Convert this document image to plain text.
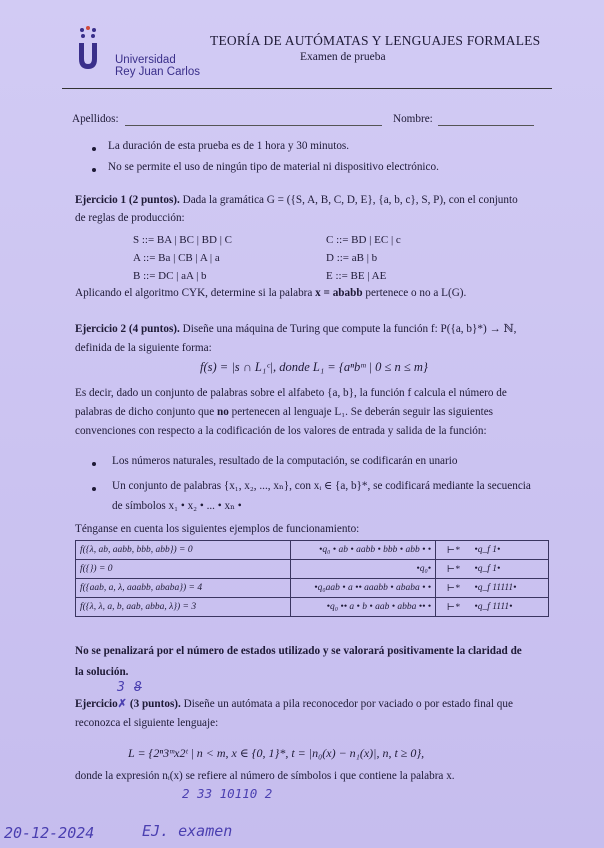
Universidad
Rey Juan Carlos
TEORÍA DE AUTÓMATAS Y LENGUAJES FORMALES
Examen de prueba
Apellidos:	Nombre:
La duración de esta prueba es de 1 hora y 30 minutos.
No se permite el uso de ningún tipo de material ni dispositivo electrónico.
Ejercicio 1 (2 puntos). Dada la gramática G = ({S, A, B, C, D, E}, {a, b, c}, S, P), con el conjunto
de reglas de producción:
S ::= BA | BC | BD | C
A ::= Ba | CB | A | a
B ::= DC | aA | b
C ::= BD | EC | c
D ::= aB | b
E ::= BE | AE
Aplicando el algoritmo CYK, determine si la palabra x = ababb pertenece o no a L(G).
Ejercicio 2 (4 puntos). Diseñe una máquina de Turing que compute la función f: P({a, b}*) → ℕ,
definida de la siguiente forma:
f(s) = |s ∩ L₁ᶜ|, donde L₁ = {aⁿbᵐ | 0 ≤ n ≤ m}
Es decir, dado un conjunto de palabras sobre el alfabeto {a, b}, la función f calcula el número de
palabras de dicho conjunto que no pertenecen al lenguaje L₁. Se deberán seguir las siguientes
convenciones con respecto a la codificación de los valores de entrada y salida de la función:
Los números naturales, resultado de la computación, se codificarán en unario
Un conjunto de palabras {x₁, x₂, ..., xₙ}, con xᵢ ∈ {a, b}*, se codificará mediante la secuencia
de símbolos x₁ • x₂ • ... • xₙ •
Ténganse en cuenta los siguientes ejemplos de funcionamiento:
f({λ, ab, aabb, bbb, abb}) = 0	•q₀ • ab • aabb • bbb • abb • •	⊢*	•q_f 1•
f({}) = 0	•q₀•	⊢*	•q_f 1•
f({aab, a, λ, aaabb, ababa}) = 4	•q₀aab • a •• aaabb • ababa • •	⊢*	•q_f 11111•
f({λ, λ, a, b, aab, abba, λ}) = 3	•q₀ •• a • b • aab • abba •• •	⊢*	•q_f 1111•
No se penalizará por el número de estados utilizado y se valorará positivamente la claridad de
la solución.
3 8
Ejercicio✗ (3 puntos). Diseñe un autómata a pila reconocedor por vaciado o por estado final que
reconozca el siguiente lenguaje:
L = {2ⁿ3ᵐx2ᵗ | n < m, x ∈ {0, 1}*, t = |n₀(x) − n₁(x)|, n, t ≥ 0},
donde la expresión nᵢ(x) se refiere al número de símbolos i que contiene la palabra x.
2 33 10110 2
20-12-2024	EJ. examen
